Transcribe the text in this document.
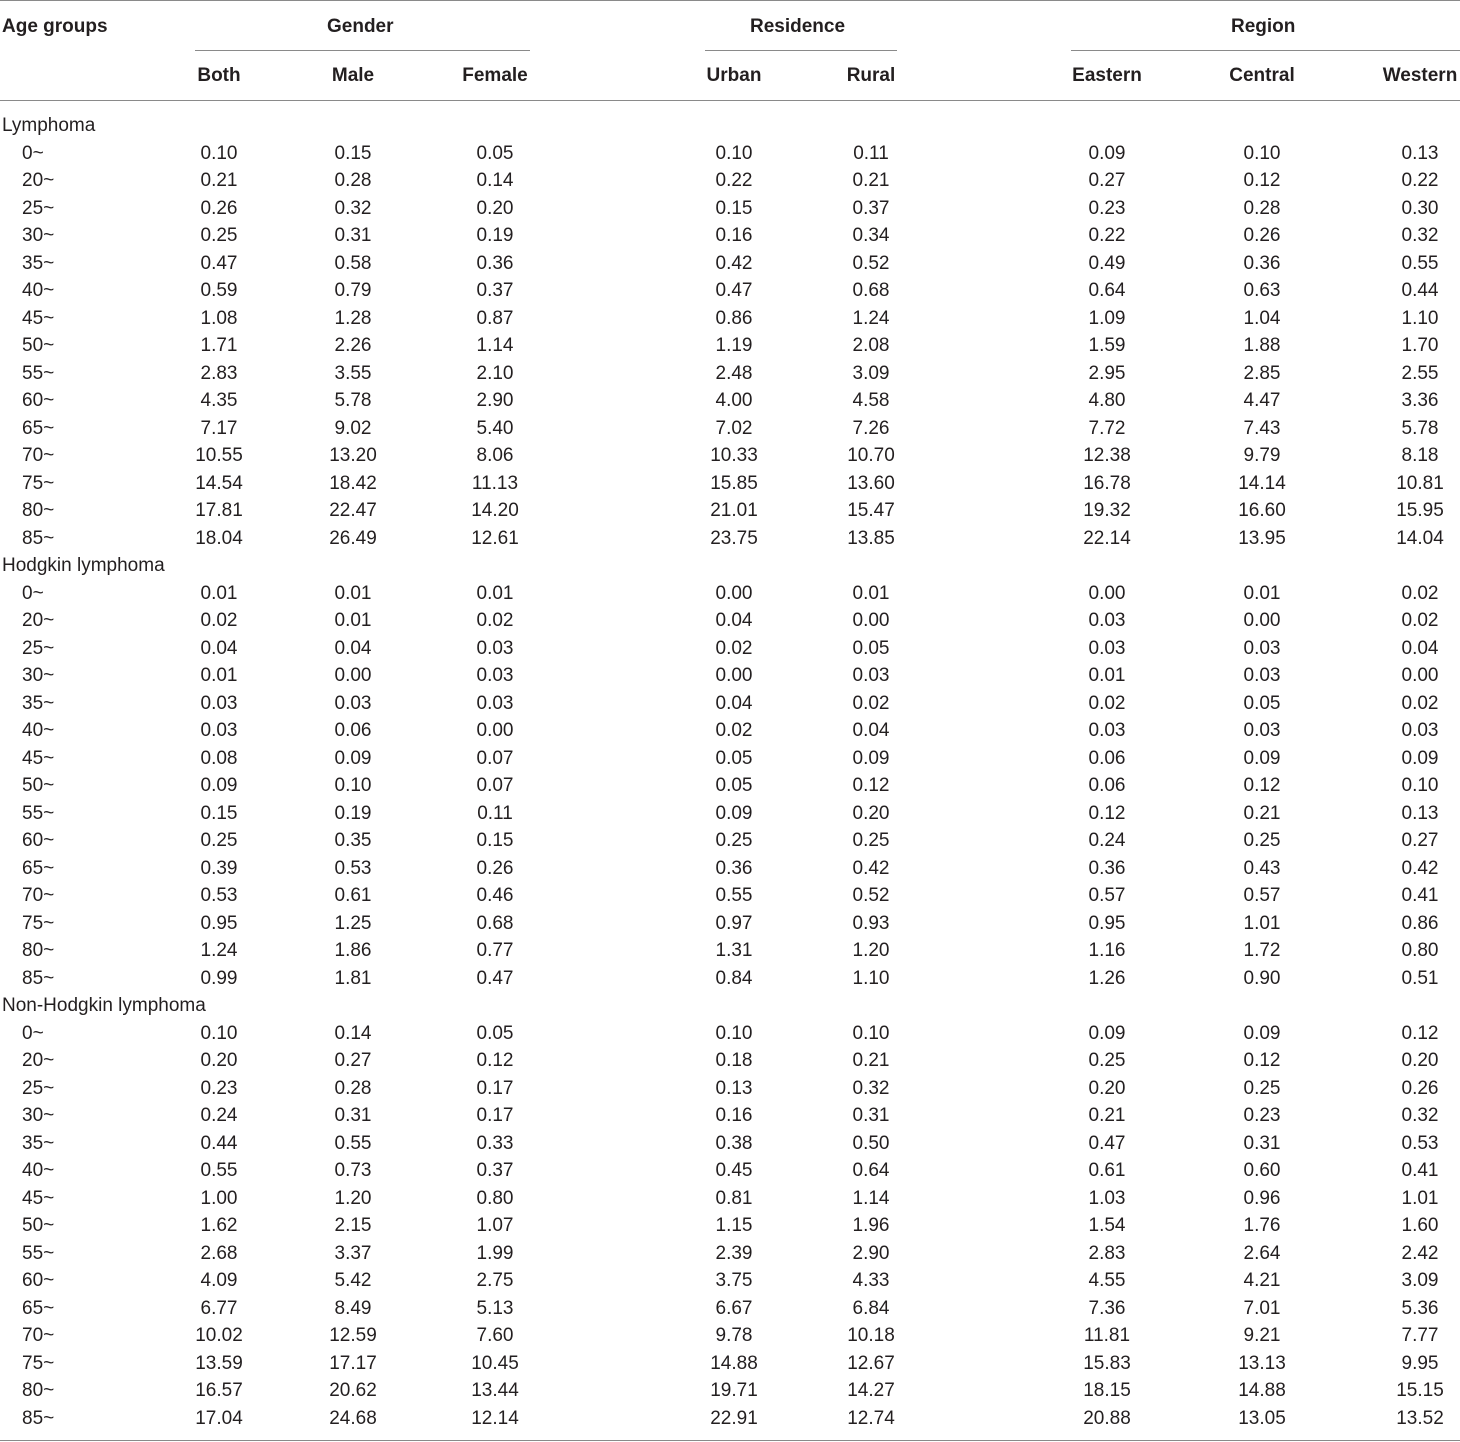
Age groups	Gender	Residence	Region
Both	Male	Female	Urban	Rural	Eastern	Central	Western
Lymphoma
0~	0.10	0.15	0.05	0.10	0.11	0.09	0.10	0.13
20~	0.21	0.28	0.14	0.22	0.21	0.27	0.12	0.22
25~	0.26	0.32	0.20	0.15	0.37	0.23	0.28	0.30
30~	0.25	0.31	0.19	0.16	0.34	0.22	0.26	0.32
35~	0.47	0.58	0.36	0.42	0.52	0.49	0.36	0.55
40~	0.59	0.79	0.37	0.47	0.68	0.64	0.63	0.44
45~	1.08	1.28	0.87	0.86	1.24	1.09	1.04	1.10
50~	1.71	2.26	1.14	1.19	2.08	1.59	1.88	1.70
55~	2.83	3.55	2.10	2.48	3.09	2.95	2.85	2.55
60~	4.35	5.78	2.90	4.00	4.58	4.80	4.47	3.36
65~	7.17	9.02	5.40	7.02	7.26	7.72	7.43	5.78
70~	10.55	13.20	8.06	10.33	10.70	12.38	9.79	8.18
75~	14.54	18.42	11.13	15.85	13.60	16.78	14.14	10.81
80~	17.81	22.47	14.20	21.01	15.47	19.32	16.60	15.95
85~	18.04	26.49	12.61	23.75	13.85	22.14	13.95	14.04
Hodgkin lymphoma
0~	0.01	0.01	0.01	0.00	0.01	0.00	0.01	0.02
20~	0.02	0.01	0.02	0.04	0.00	0.03	0.00	0.02
25~	0.04	0.04	0.03	0.02	0.05	0.03	0.03	0.04
30~	0.01	0.00	0.03	0.00	0.03	0.01	0.03	0.00
35~	0.03	0.03	0.03	0.04	0.02	0.02	0.05	0.02
40~	0.03	0.06	0.00	0.02	0.04	0.03	0.03	0.03
45~	0.08	0.09	0.07	0.05	0.09	0.06	0.09	0.09
50~	0.09	0.10	0.07	0.05	0.12	0.06	0.12	0.10
55~	0.15	0.19	0.11	0.09	0.20	0.12	0.21	0.13
60~	0.25	0.35	0.15	0.25	0.25	0.24	0.25	0.27
65~	0.39	0.53	0.26	0.36	0.42	0.36	0.43	0.42
70~	0.53	0.61	0.46	0.55	0.52	0.57	0.57	0.41
75~	0.95	1.25	0.68	0.97	0.93	0.95	1.01	0.86
80~	1.24	1.86	0.77	1.31	1.20	1.16	1.72	0.80
85~	0.99	1.81	0.47	0.84	1.10	1.26	0.90	0.51
Non-Hodgkin lymphoma
0~	0.10	0.14	0.05	0.10	0.10	0.09	0.09	0.12
20~	0.20	0.27	0.12	0.18	0.21	0.25	0.12	0.20
25~	0.23	0.28	0.17	0.13	0.32	0.20	0.25	0.26
30~	0.24	0.31	0.17	0.16	0.31	0.21	0.23	0.32
35~	0.44	0.55	0.33	0.38	0.50	0.47	0.31	0.53
40~	0.55	0.73	0.37	0.45	0.64	0.61	0.60	0.41
45~	1.00	1.20	0.80	0.81	1.14	1.03	0.96	1.01
50~	1.62	2.15	1.07	1.15	1.96	1.54	1.76	1.60
55~	2.68	3.37	1.99	2.39	2.90	2.83	2.64	2.42
60~	4.09	5.42	2.75	3.75	4.33	4.55	4.21	3.09
65~	6.77	8.49	5.13	6.67	6.84	7.36	7.01	5.36
70~	10.02	12.59	7.60	9.78	10.18	11.81	9.21	7.77
75~	13.59	17.17	10.45	14.88	12.67	15.83	13.13	9.95
80~	16.57	20.62	13.44	19.71	14.27	18.15	14.88	15.15
85~	17.04	24.68	12.14	22.91	12.74	20.88	13.05	13.52
